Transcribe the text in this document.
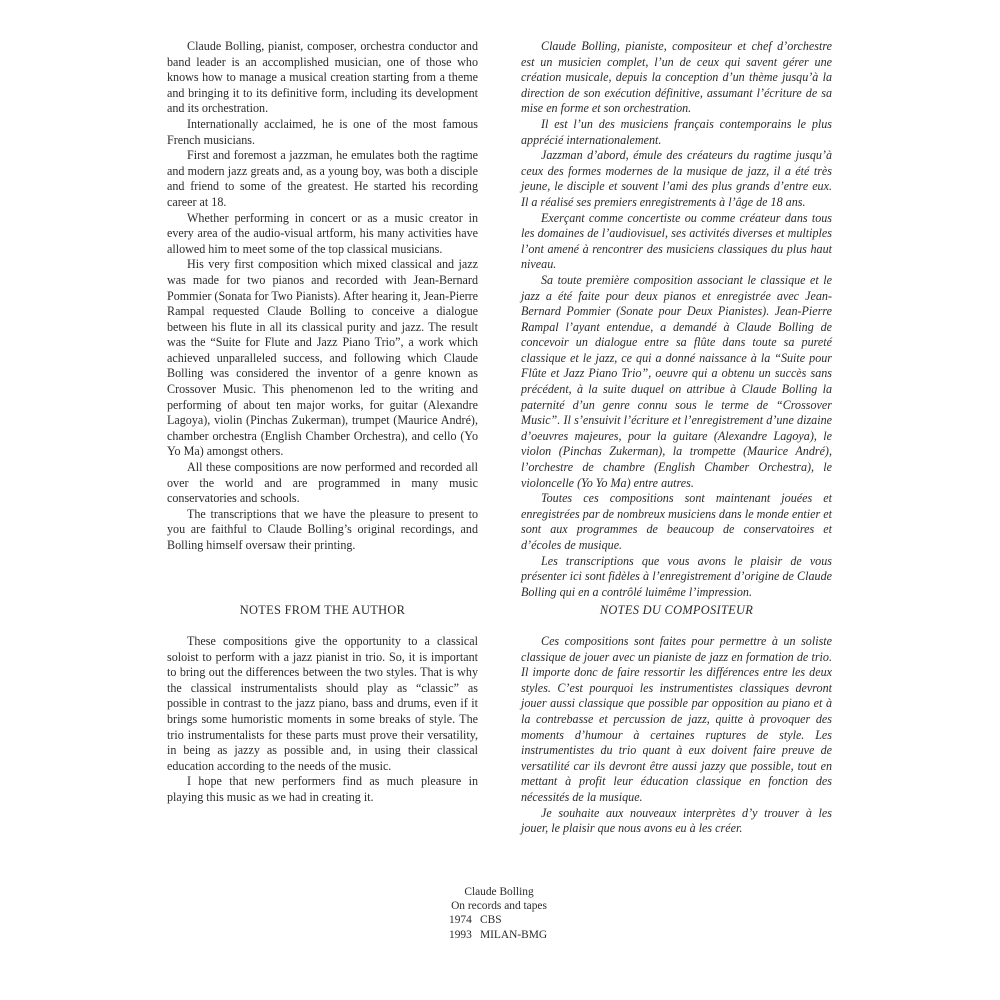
Claude Bolling, pianist, composer, orchestra conductor and band leader is an accomplished musician, one of those who knows how to manage a musical creation starting from a theme and bringing it to its definitive form, including its development and its orchestration.

Internationally acclaimed, he is one of the most famous French musicians.

First and foremost a jazzman, he emulates both the ragtime and modern jazz greats and, as a young boy, was both a disciple and friend to some of the greatest. He started his recording career at 18.

Whether performing in concert or as a music creator in every area of the audio-visual artform, his many activities have allowed him to meet some of the top classical musicians.

His very first composition which mixed classical and jazz was made for two pianos and recorded with Jean-Bernard Pommier (Sonata for Two Pianists). After hearing it, Jean-Pierre Rampal requested Claude Bolling to conceive a dialogue between his flute in all its classical purity and jazz. The result was the “Suite for Flute and Jazz Piano Trio”, a work which achieved unparalleled success, and following which Claude Bolling was considered the inventor of a genre known as Crossover Music. This phenomenon led to the writing and performing of about ten major works, for guitar (Alexandre Lagoya), violin (Pinchas Zukerman), trumpet (Maurice André), chamber orchestra (English Chamber Orchestra), and cello (Yo Yo Ma) amongst others.

All these compositions are now performed and recorded all over the world and are programmed in many music conservatories and schools.

The transcriptions that we have the pleasure to present to you are faithful to Claude Bolling’s original recordings, and Bolling himself oversaw their printing.

Claude Bolling, pianiste, compositeur et chef d’orchestre est un musicien complet, l’un de ceux qui savent gérer une création musicale, depuis la conception d’un thème jusqu’à la direction de son exécution définitive, assumant l’écriture de sa mise en forme et son orchestration.

Il est l’un des musiciens français contemporains le plus apprécié internationalement.

Jazzman d’abord, émule des créateurs du ragtime jusqu’à ceux des formes modernes de la musique de jazz, il a été très jeune, le disciple et souvent l’ami des plus grands d’entre eux. Il a réalisé ses premiers enregistrements à l’âge de 18 ans.

Exerçant comme concertiste ou comme créateur dans tous les domaines de l’audiovisuel, ses activités diverses et multiples l’ont amené à rencontrer des musiciens classiques du plus haut niveau.

Sa toute première composition associant le classique et le jazz a été faite pour deux pianos et enregistrée avec Jean-Bernard Pommier (Sonate pour Deux Pianistes). Jean-Pierre Rampal l’ayant entendue, a demandé à Claude Bolling de concevoir un dialogue entre sa flûte dans toute sa pureté classique et le jazz, ce qui a donné naissance à la “Suite pour Flûte et Jazz Piano Trio”, oeuvre qui a obtenu un succès sans précédent, à la suite duquel on attribue à Claude Bolling la paternité d’un genre connu sous le terme de “Crossover Music”. Il s’ensuivit l’écriture et l’enregistrement d’une dizaine d’oeuvres majeures, pour la guitare (Alexandre Lagoya), le violon (Pinchas Zukerman), la trompette (Maurice André), l’orchestre de chambre (English Chamber Orchestra), le violoncelle (Yo Yo Ma) entre autres.

Toutes ces compositions sont maintenant jouées et enregistrées par de nombreux musiciens dans le monde entier et sont aux programmes de beaucoup de conservatoires et d’écoles de musique.

Les transcriptions que vous avons le plaisir de vous présenter ici sont fidèles à l’enregistrement d’origine de Claude Bolling qui en a contrôlé luimême l’impression.

NOTES FROM THE AUTHOR	NOTES DU COMPOSITEUR

These compositions give the opportunity to a classical soloist to perform with a jazz pianist in trio. So, it is important to bring out the differences between the two styles. That is why the classical instrumentalists should play as “classic” as possible in contrast to the jazz piano, bass and drums, even if it brings some humoristic moments in some breaks of style. The trio instrumentalists for these parts must prove their versatility, in being as jazzy as possible and, in using their classical education according to the needs of the music.

I hope that new performers find as much pleasure in playing this music as we had in creating it.

Ces compositions sont faites pour permettre à un soliste classique de jouer avec un pianiste de jazz en formation de trio. Il importe donc de faire ressortir les différences entre les deux styles. C’est pourquoi les instrumentistes classiques devront jouer aussi classique que possible par opposition au piano et à la contrebasse et percussion de jazz, quitte à provoquer des moments d’humour à certaines ruptures de style. Les instrumentistes du trio quant à eux doivent faire preuve de versatilité car ils devront être aussi jazzy que possible, tout en mettant à profit leur éducation classique en fonction des nécessités de la musique.

Je souhaite aux nouveaux interprètes d’y trouver à les jouer, le plaisir que nous avons eu à les créer.

Claude Bolling
On records and tapes
1974 CBS
1993 MILAN-BMG
